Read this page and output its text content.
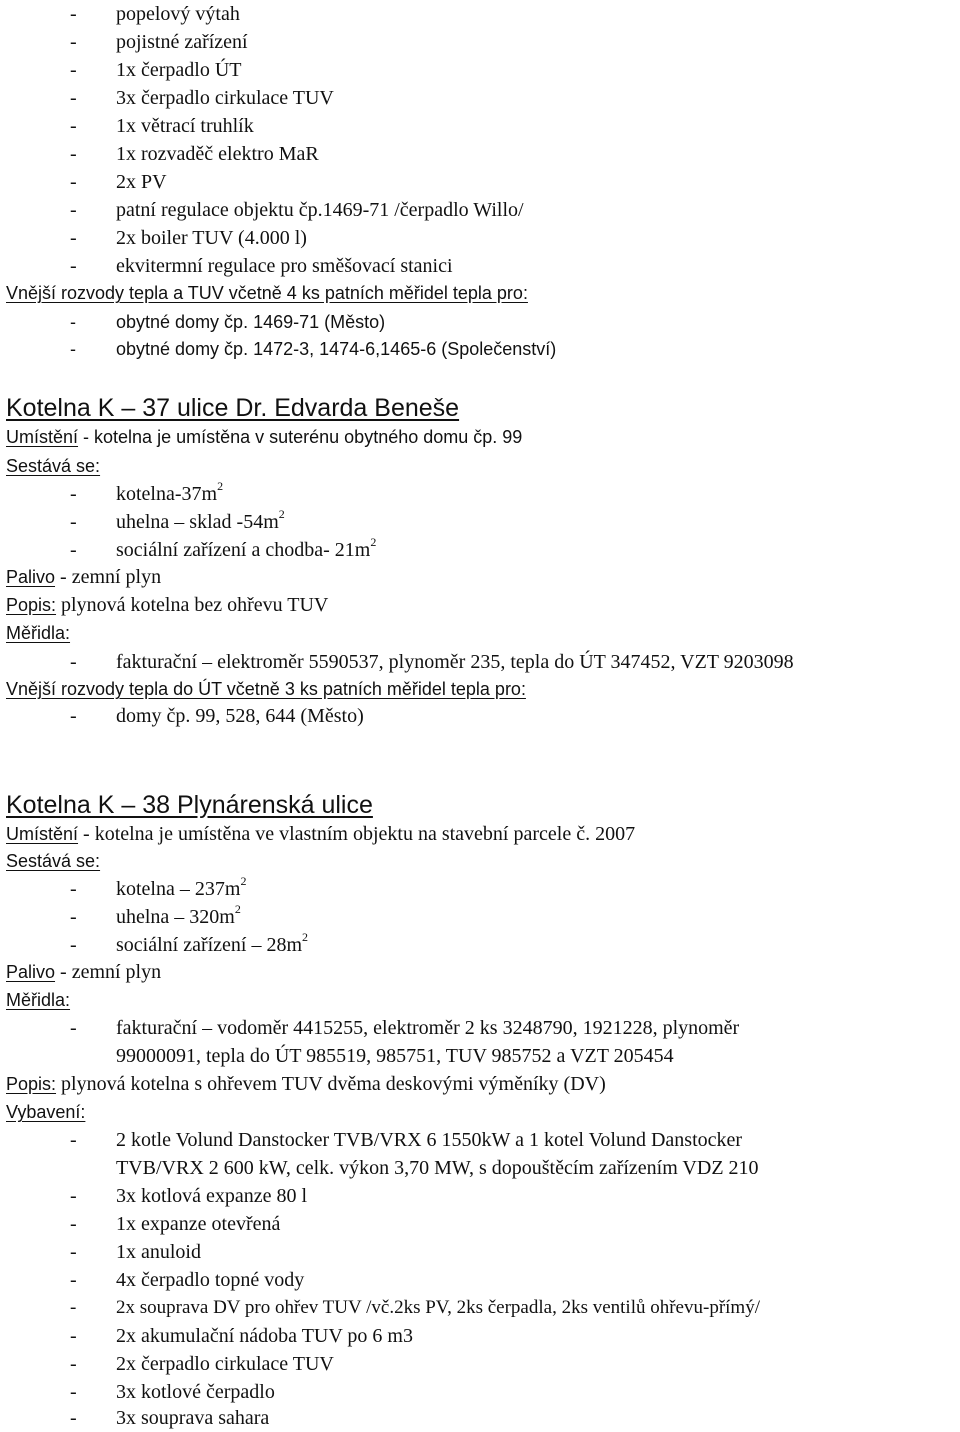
- popelový výtah
- pojistné zařízení
- 1x čerpadlo ÚT
- 3x čerpadlo cirkulace TUV
- 1x větrací truhlík
- 1x rozvaděč elektro MaR
- 2x PV
- patní regulace objektu čp.1469-71 /čerpadlo Willo/
- 2x boiler TUV (4.000 l)
- ekvitermní regulace pro směšovací stanici
Vnější rozvody tepla a TUV včetně 4 ks patních měřidel tepla pro:
- obytné domy čp. 1469-71 (Město)
- obytné domy čp. 1472-3, 1474-6,1465-6 (Společenství)
Kotelna K – 37 ulice Dr. Edvarda Beneše
Umístění - kotelna je umístěna v suterénu obytného domu čp. 99
Sestává se:
- kotelna-$37m^2$
- uhelna – sklad $-54m^2$
- sociální zařízení a chodba- $21m^2$
Palivo - zemní plyn
Popis: plynová kotelna bez ohřevu TUV
Měřidla:
- fakturační – elektroměr 5590537, plynoměr 235, tepla do ÚT 347452, VZT 9203098
Vnější rozvody tepla do ÚT včetně 3 ks patních měřidel tepla pro:
- domy čp. 99, 528, 644 (Město)
Kotelna K – 38 Plynárenská ulice
Umístění - kotelna je umístěna ve vlastním objektu na stavební parcele č. 2007
Sestává se:
- kotelna – $237m^2$
- uhelna – $320m^2$
- sociální zařízení – $28m^2$
Palivo - zemní plyn
Měřidla:
- fakturační – vodoměr 4415255, elektroměr 2 ks 3248790, 1921228, plynoměr
99000091, tepla do ÚT 985519, 985751, TUV 985752 a VZT 205454
Popis: plynová kotelna s ohřevem TUV dvěma deskovými výměníky (DV)
Vybavení:
- 2 kotle Volund Danstocker TVB/VRX 6 1550kW a 1 kotel Volund Danstocker
TVB/VRX 2 600 kW, celk. výkon 3,70 MW, s dopouštěcím zařízením VDZ 210
- 3x kotlová expanze 80 l
- 1x expanze otevřená
- 1x anuloid
- 4x čerpadlo topné vody
- 2x souprava DV pro ohřev TUV /vč.2ks PV, 2ks čerpadla, 2ks ventilů ohřevu-přímý/
- 2x akumulační nádoba TUV po 6 m3
- 2x čerpadlo cirkulace TUV
- 3x kotlové čerpadlo
- 3x souprava sahara
